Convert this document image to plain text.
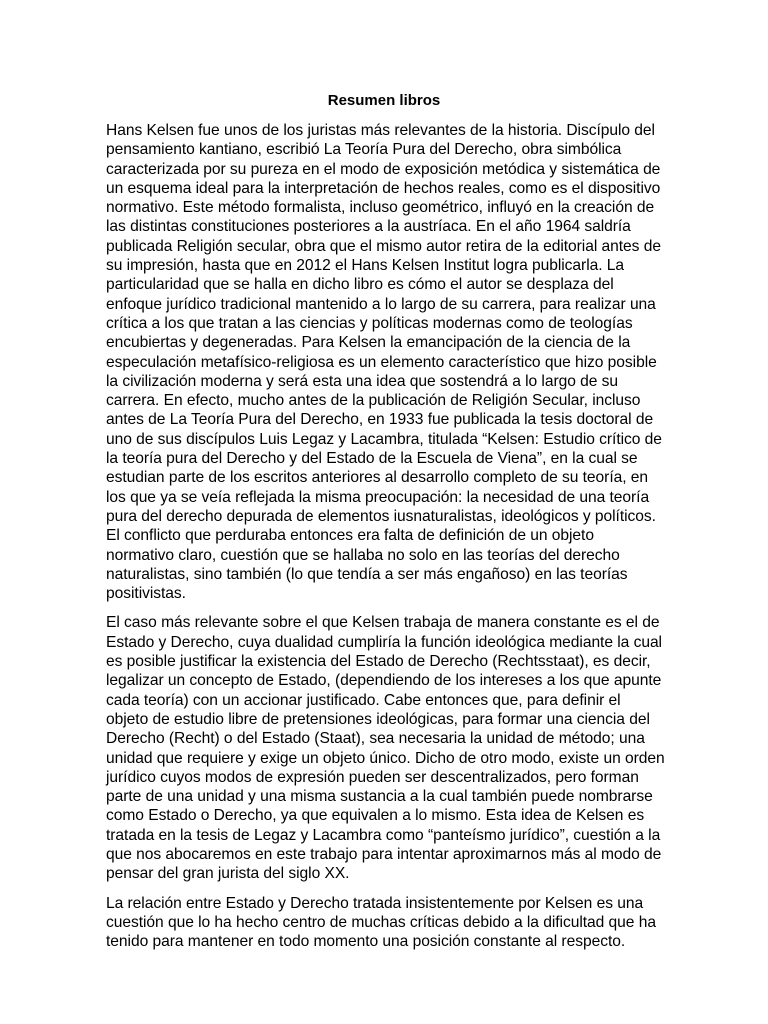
Resumen libros

Hans Kelsen fue unos de los juristas más relevantes de la historia. Discípulo del pensamiento kantiano, escribió La Teoría Pura del Derecho, obra simbólica caracterizada por su pureza en el modo de exposición metódica y sistemática de un esquema ideal para la interpretación de hechos reales, como es el dispositivo normativo. Este método formalista, incluso geométrico, influyó en la creación de las distintas constituciones posteriores a la austríaca. En el año 1964 saldría publicada Religión secular, obra que el mismo autor retira de la editorial antes de su impresión, hasta que en 2012 el Hans Kelsen Institut logra publicarla. La particularidad que se halla en dicho libro es cómo el autor se desplaza del enfoque jurídico tradicional mantenido a lo largo de su carrera, para realizar una crítica a los que tratan a las ciencias y políticas modernas como de teologías encubiertas y degeneradas. Para Kelsen la emancipación de la ciencia de la especulación metafísico-religiosa es un elemento característico que hizo posible la civilización moderna y será esta una idea que sostendrá a lo largo de su carrera. En efecto, mucho antes de la publicación de Religión Secular, incluso antes de La Teoría Pura del Derecho, en 1933 fue publicada la tesis doctoral de uno de sus discípulos Luis Legaz y Lacambra, titulada “Kelsen: Estudio crítico de la teoría pura del Derecho y del Estado de la Escuela de Viena”, en la cual se estudian parte de los escritos anteriores al desarrollo completo de su teoría, en los que ya se veía reflejada la misma preocupación: la necesidad de una teoría pura del derecho depurada de elementos iusnaturalistas, ideológicos y políticos. El conflicto que perduraba entonces era falta de definición de un objeto normativo claro, cuestión que se hallaba no solo en las teorías del derecho naturalistas, sino también (lo que tendía a ser más engañoso) en las teorías positivistas.

El caso más relevante sobre el que Kelsen trabaja de manera constante es el de Estado y Derecho, cuya dualidad cumpliría la función ideológica mediante la cual es posible justificar la existencia del Estado de Derecho (Rechtsstaat), es decir, legalizar un concepto de Estado, (dependiendo de los intereses a los que apunte cada teoría) con un accionar justificado. Cabe entonces que, para definir el objeto de estudio libre de pretensiones ideológicas, para formar una ciencia del Derecho (Recht) o del Estado (Staat), sea necesaria la unidad de método; una unidad que requiere y exige un objeto único. Dicho de otro modo, existe un orden jurídico cuyos modos de expresión pueden ser descentralizados, pero forman parte de una unidad y una misma sustancia a la cual también puede nombrarse como Estado o Derecho, ya que equivalen a lo mismo. Esta idea de Kelsen es tratada en la tesis de Legaz y Lacambra como “panteísmo jurídico”, cuestión a la que nos abocaremos en este trabajo para intentar aproximarnos más al modo de pensar del gran jurista del siglo XX.

La relación entre Estado y Derecho tratada insistentemente por Kelsen es una cuestión que lo ha hecho centro de muchas críticas debido a la dificultad que ha tenido para mantener en todo momento una posición constante al respecto.
